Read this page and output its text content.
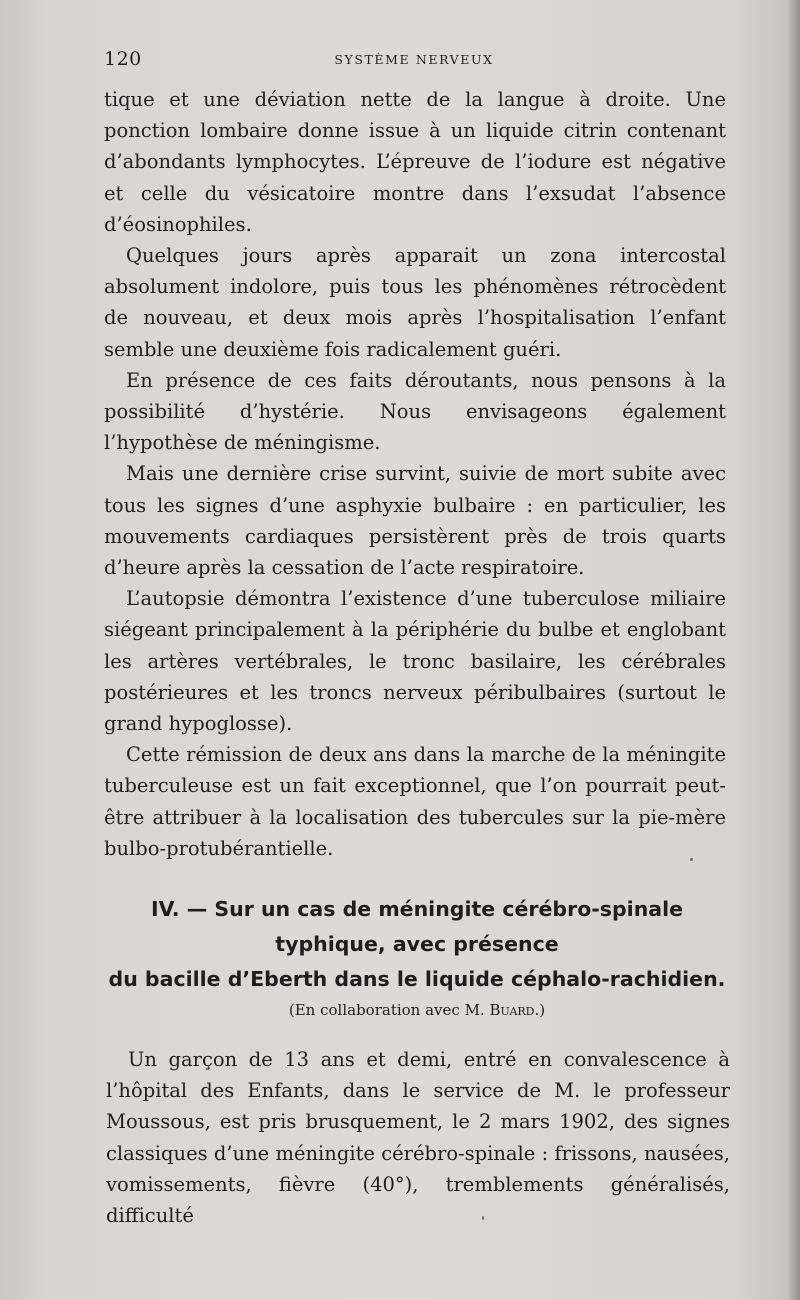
120	SYSTÈME NERVEUX

tique et une déviation nette de la langue à droite. Une ponction lombaire donne issue à un liquide citrin contenant d’abondants lymphocytes. L’épreuve de l’iodure est négative et celle du vésicatoire montre dans l’exsudat l’absence d’éosinophiles.

Quelques jours après apparait un zona intercostal absolument indolore, puis tous les phénomènes rétrocèdent de nouveau, et deux mois après l’hospitalisation l’enfant semble une deuxième fois radicalement guéri.

En présence de ces faits déroutants, nous pensons à la possibilité d’hystérie. Nous envisageons également l’hypothèse de méningisme.

Mais une dernière crise survint, suivie de mort subite avec tous les signes d’une asphyxie bulbaire : en particulier, les mouvements cardiaques persistèrent près de trois quarts d’heure après la cessation de l’acte respiratoire.

L’autopsie démontra l’existence d’une tuberculose miliaire siégeant principalement à la périphérie du bulbe et englobant les artères vertébrales, le tronc basilaire, les cérébrales postérieures et les troncs nerveux péribulbaires (surtout le grand hypoglosse).

Cette rémission de deux ans dans la marche de la méningite tuberculeuse est un fait exceptionnel, que l’on pourrait peut-être attribuer à la localisation des tubercules sur la pie-mère bulbo-protubérantielle.

IV. — Sur un cas de méningite cérébro-spinale
typhique, avec présence
du bacille d’Eberth dans le liquide céphalo-rachidien.
(En collaboration avec M. Buard.)

Un garçon de 13 ans et demi, entré en convalescence à l’hôpital des Enfants, dans le service de M. le professeur Moussous, est pris brusquement, le 2 mars 1902, des signes classiques d’une méningite cérébro-spinale : frissons, nausées, vomissements, fièvre (40°), tremblements généralisés, difficulté
